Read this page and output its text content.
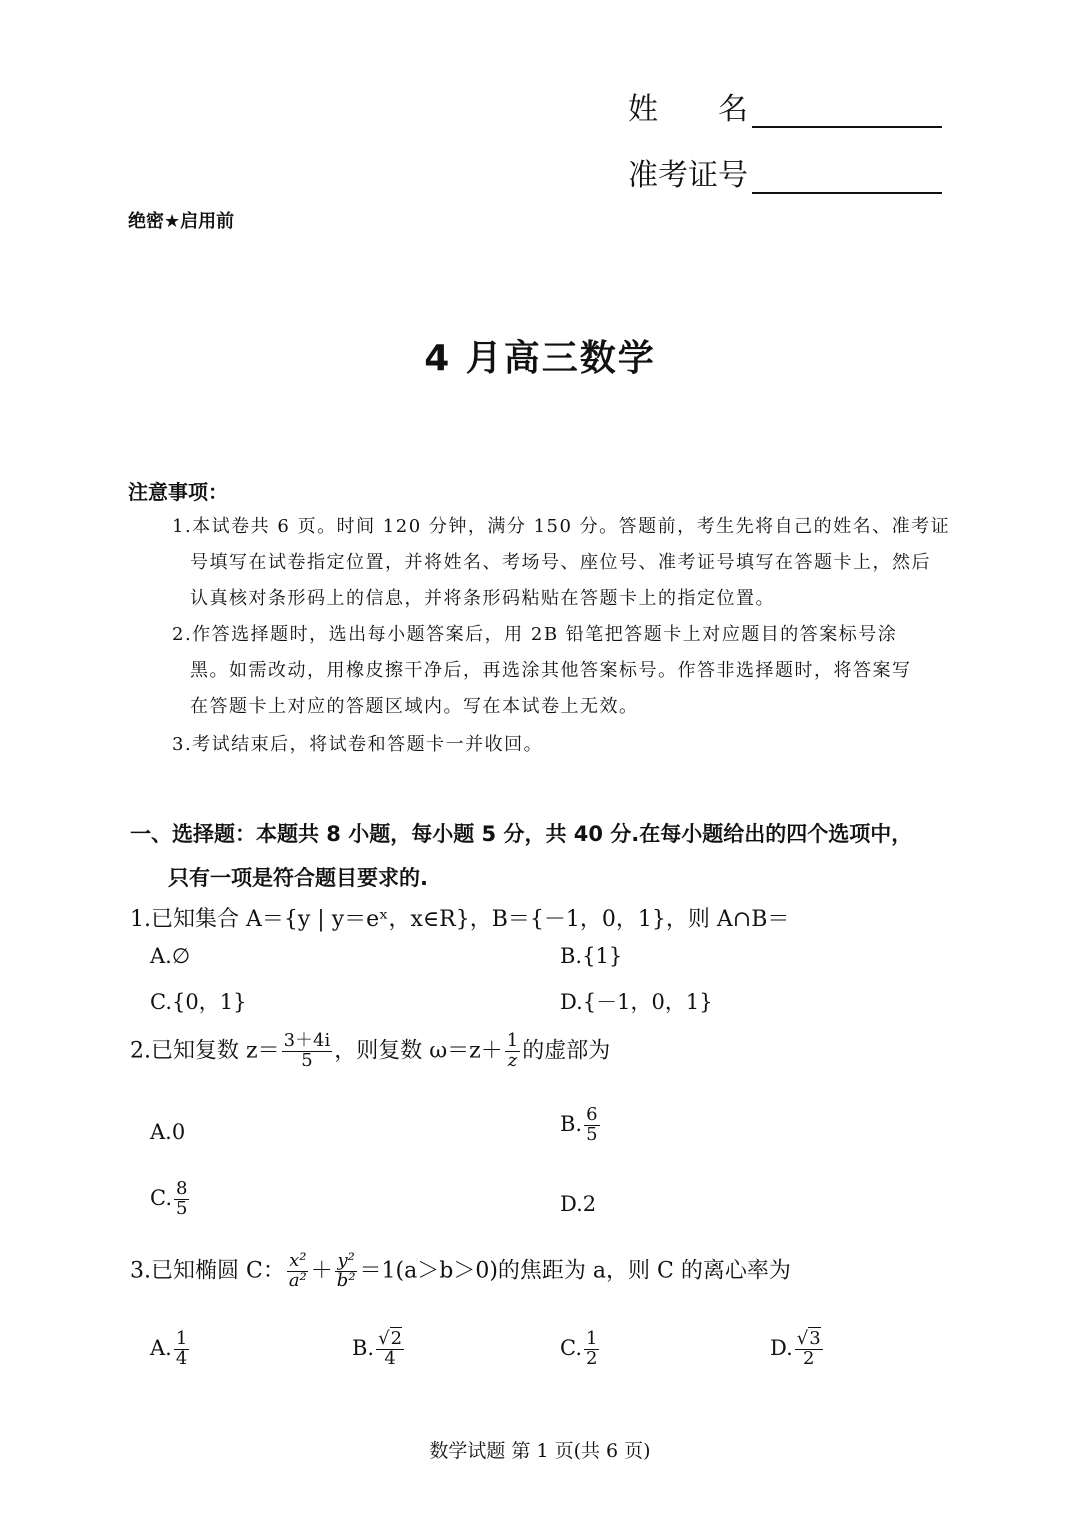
姓　　名
准考证号
绝密★启用前
4 月高三数学
注意事项：
1.本试卷共 6 页。时间 120 分钟，满分 150 分。答题前，考生先将自己的姓名、准考证
号填写在试卷指定位置，并将姓名、考场号、座位号、准考证号填写在答题卡上，然后
认真核对条形码上的信息，并将条形码粘贴在答题卡上的指定位置。
2.作答选择题时，选出每小题答案后，用 2B 铅笔把答题卡上对应题目的答案标号涂
黑。如需改动，用橡皮擦干净后，再选涂其他答案标号。作答非选择题时，将答案写
在答题卡上对应的答题区域内。写在本试卷上无效。
3.考试结束后，将试卷和答题卡一并收回。
一、选择题：本题共 8 小题，每小题 5 分，共 40 分.在每小题给出的四个选项中，
只有一项是符合题目要求的.
1.已知集合 A＝{y | y＝eˣ，x∈R}，B＝{－1，0，1}，则 A∩B＝
A.∅	B.{1}
C.{0，1}	D.{－1，0，1}
2.已知复数 $z= \frac{3+4i}{5}$ ，则复数 $\omega=z+ \frac{1}{z}$ 的虚部为
A.0	B. $\frac{6}{5}$
C. $\frac{8}{5}$	D.2
3.已知椭圆 C： $\frac{\text{x²}}{\text{a²}} + \frac{\text{y²}}{\text{b²}} =1(a>b>0)$的焦距为 a，则 C 的离心率为
A. $\frac{1}{4}$	B. $\frac{√2}{4}$	C. $\frac{1}{2}$	D. $\frac{√3}{2}$
数学试题 第 1 页(共 6 页)
